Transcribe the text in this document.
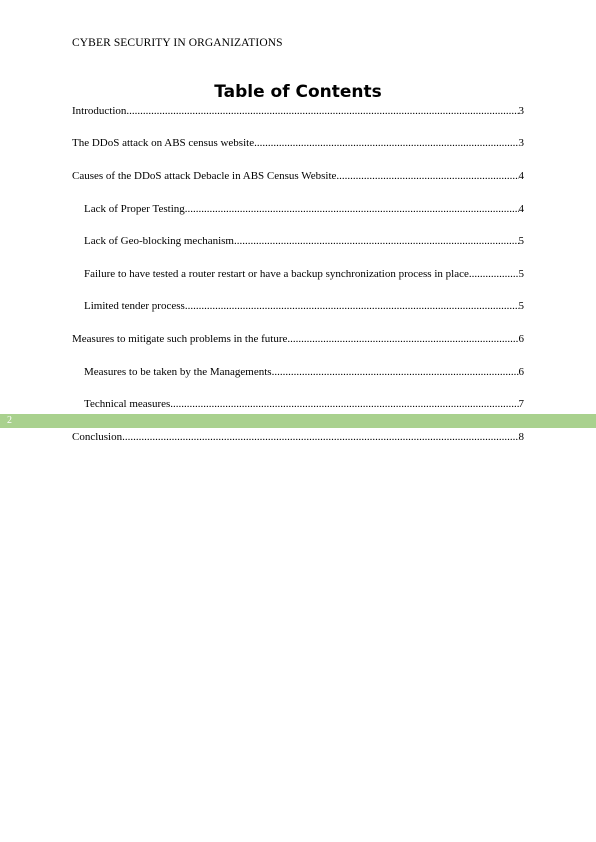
CYBER SECURITY IN ORGANIZATIONS
Table of Contents
Introduction .....	3
The DDoS attack on ABS census website .....	3
Causes of the DDoS attack Debacle in ABS Census Website .....	4
Lack of Proper Testing .....	4
Lack of Geo-blocking mechanism .....	5
Failure to have tested a router restart or have a backup synchronization process in place .....	5
Limited tender process .....	5
Measures to mitigate such problems in the future .....	6
Measures to be taken by the Managements .....	6
Technical measures .....	7
2
Conclusion .....	8
